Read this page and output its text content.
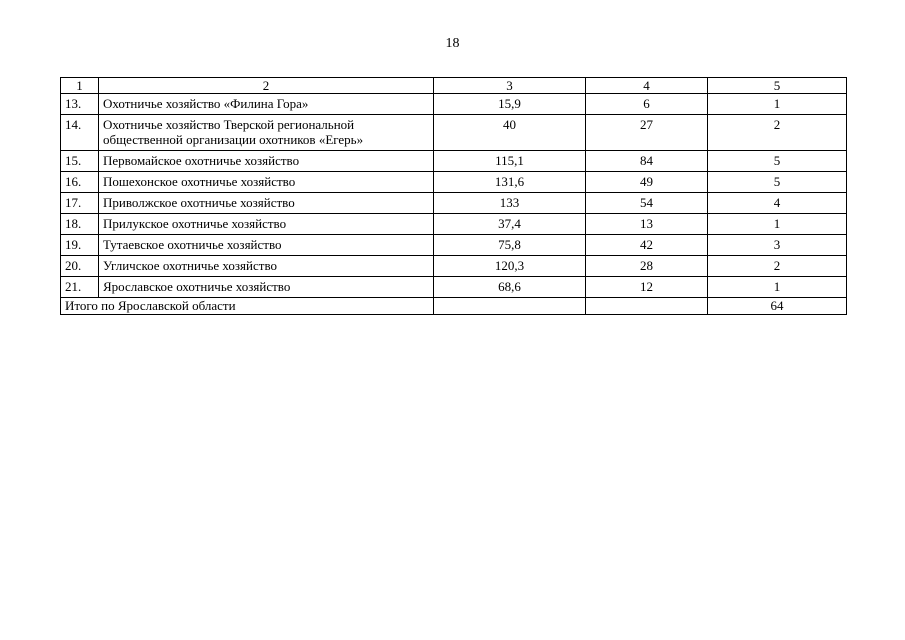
18
1	2	3	4	5
13.	Охотничье хозяйство «Филина Гора»	15,9	6	1
14.	Охотничье хозяйство Тверской региональной общественной организации охотников «Егерь»	40	27	2
15.	Первомайское охотничье хозяйство	115,1	84	5
16.	Пошехонское охотничье хозяйство	131,6	49	5
17.	Приволжское охотничье хозяйство	133	54	4
18.	Прилукское охотничье хозяйство	37,4	13	1
19.	Тутаевское охотничье хозяйство	75,8	42	3
20.	Угличское охотничье хозяйство	120,3	28	2
21.	Ярославское охотничье хозяйство	68,6	12	1
Итого по Ярославской области				64
